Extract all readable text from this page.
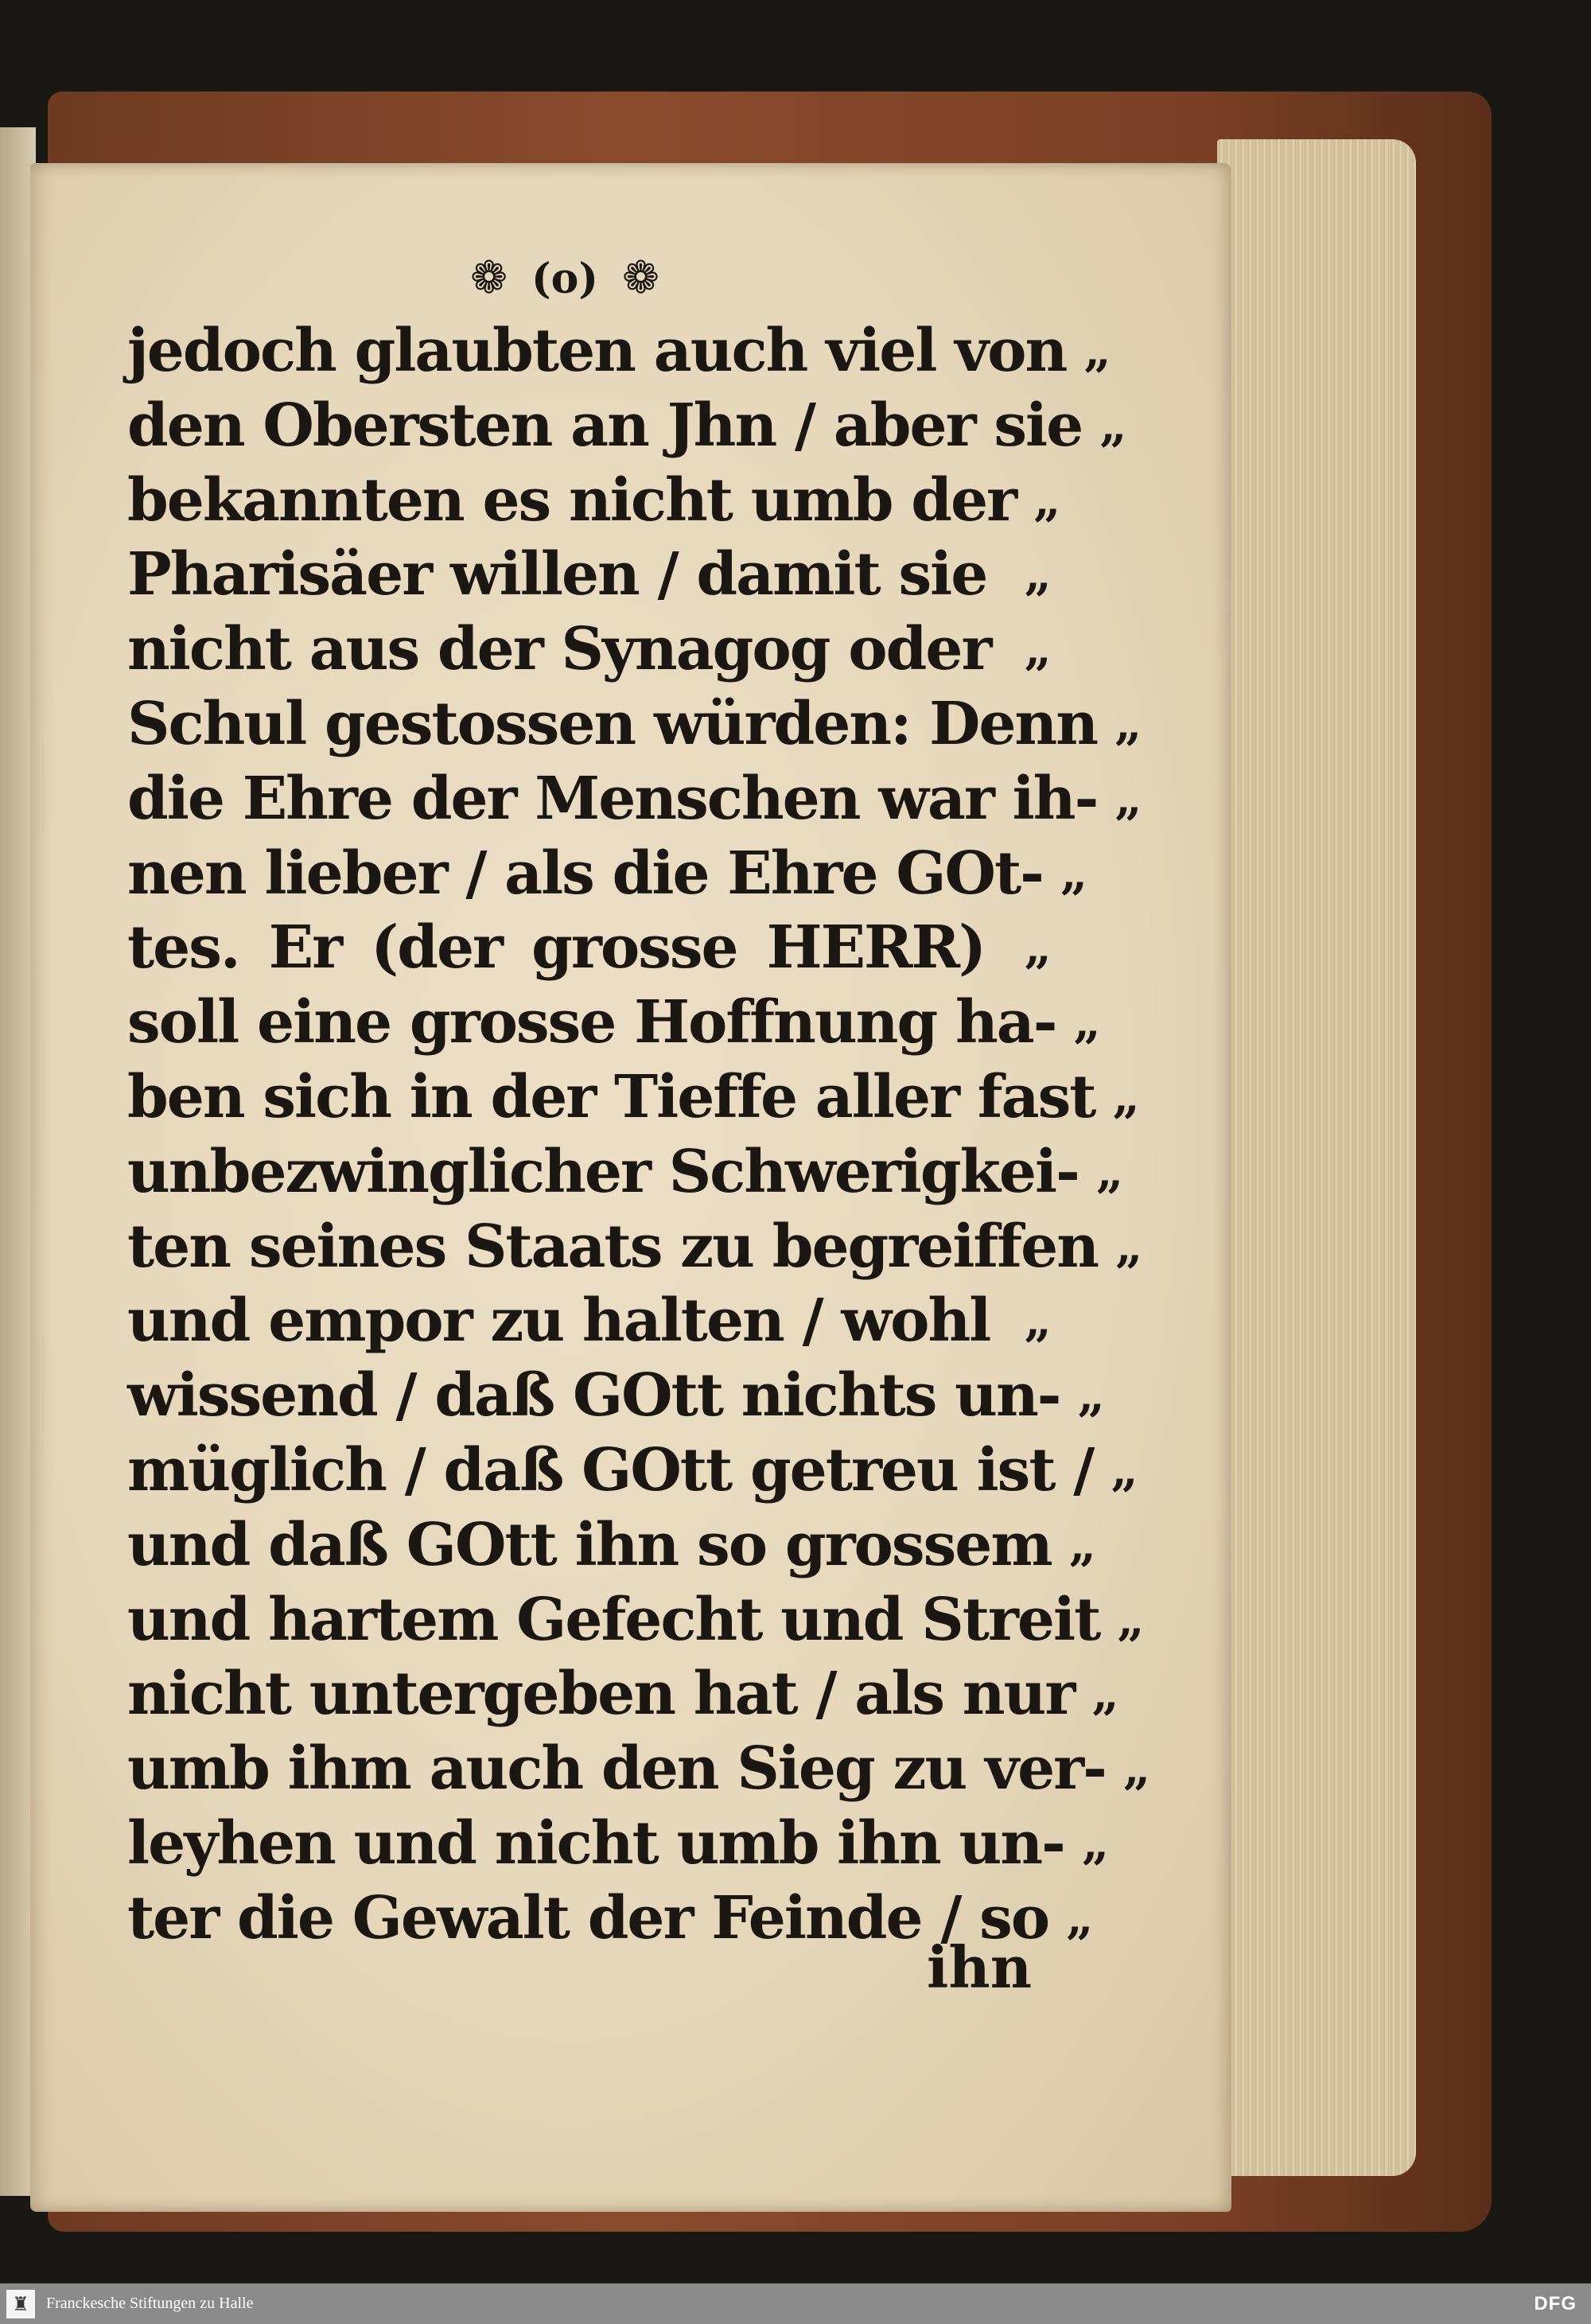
❁ (o) ❁
jedoch glaubten auch viel von „
den Obersten an Jhn / aber sie „
bekannten es nicht umb der „
Pharisäer willen / damit sie „
nicht aus der Synagog oder „
Schul gestossen würden: Denn „
die Ehre der Menschen war ih- „
nen lieber / als die Ehre GOt- „
tes. Er (der grosse HERR) „
soll eine grosse Hoffnung ha- „
ben sich in der Tieffe aller fast „
unbezwinglicher Schwerigkei- „
ten seines Staats zu begreiffen „
und empor zu halten / wohl „
wissend / daß GOtt nichts un- „
müglich / daß GOtt getreu ist / „
und daß GOtt ihn so grossem „
und hartem Gefecht und Streit „
nicht untergeben hat / als nur „
umb ihm auch den Sieg zu ver- „
leyhen und nicht umb ihn un- „
ter die Gewalt der Feinde / so „
ihn
♜	Franckesche Stiftungen zu Halle	DFG
